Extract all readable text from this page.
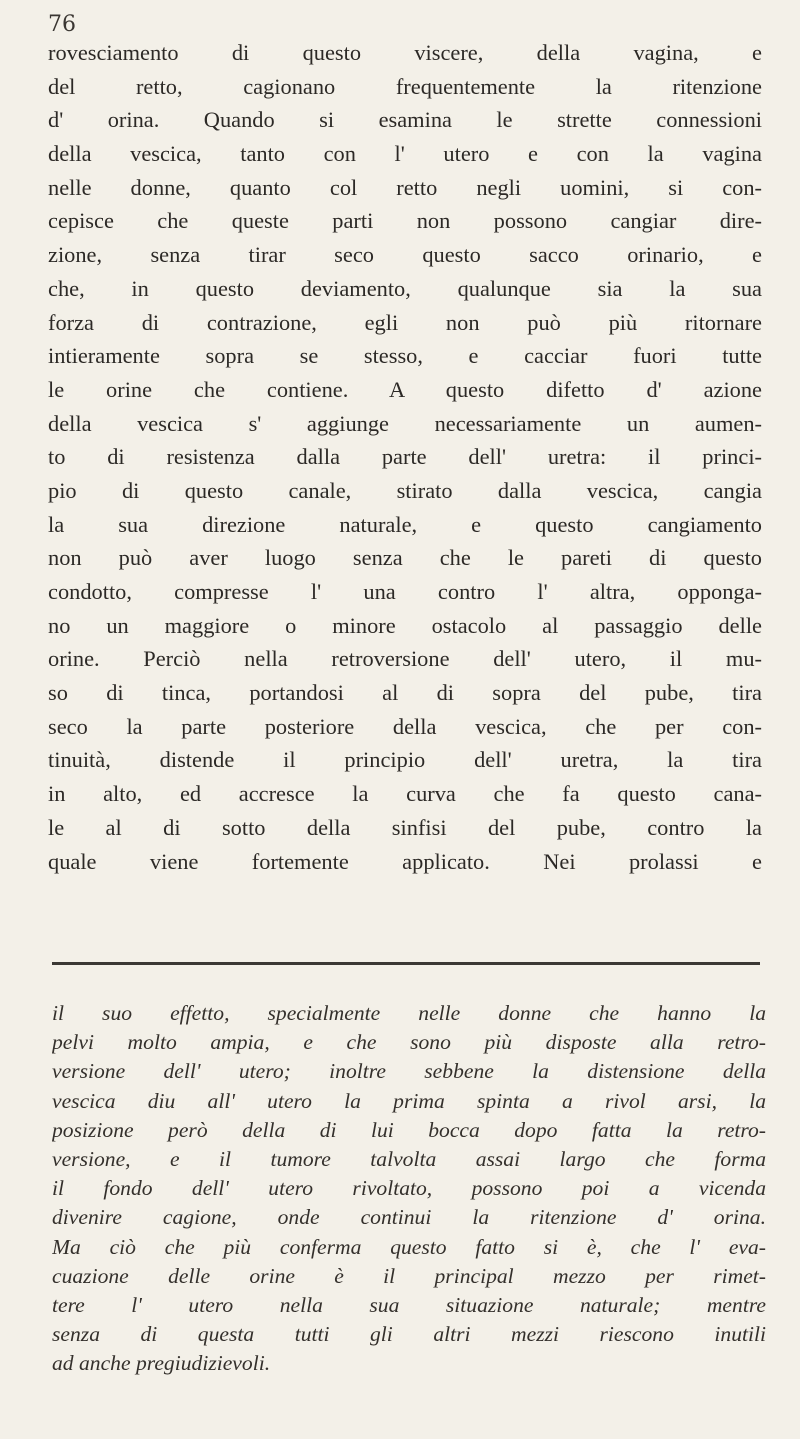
76
rovesciamento di questo viscere, della vagina, e
del retto, cagionano frequentemente la ritenzione
d' orina. Quando si esamina le strette connessioni
della vescica, tanto con l' utero e con la vagina
nelle donne, quanto col retto negli uomini, si con-
cepisce che queste parti non possono cangiar dire-
zione, senza tirar seco questo sacco orinario, e
che, in questo deviamento, qualunque sia la sua
forza di contrazione, egli non può più ritornare
intieramente sopra se stesso, e cacciar fuori tutte
le orine che contiene. A questo difetto d' azione
della vescica s' aggiunge necessariamente un aumen-
to di resistenza dalla parte dell' uretra: il princi-
pio di questo canale, stirato dalla vescica, cangia
la sua direzione naturale, e questo cangiamento
non può aver luogo senza che le pareti di questo
condotto, compresse l' una contro l' altra, opponga-
no un maggiore o minore ostacolo al passaggio delle
orine. Perciò nella retroversione dell' utero, il mu-
so di tinca, portandosi al di sopra del pube, tira
seco la parte posteriore della vescica, che per con-
tinuità, distende il principio dell' uretra, la tira
in alto, ed accresce la curva che fa questo cana-
le al di sotto della sinfisi del pube, contro la
quale viene fortemente applicato. Nei prolassi e
il suo effetto, specialmente nelle donne che hanno la
pelvi molto ampia, e che sono più disposte alla retro-
versione dell' utero; inoltre sebbene la distensione della
vescica diu all' utero la prima spinta a rivol arsi, la
posizione però della di lui bocca dopo fatta la retro-
versione, e il tumore talvolta assai largo che forma
il fondo dell' utero rivoltato, possono poi a vicenda
divenire cagione, onde continui la ritenzione d' orina.
Ma ciò che più conferma questo fatto si è, che l' eva-
cuazione delle orine è il principal mezzo per rimet-
tere l' utero nella sua situazione naturale; mentre
senza di questa tutti gli altri mezzi riescono inutili
ad anche pregiudizievoli.
